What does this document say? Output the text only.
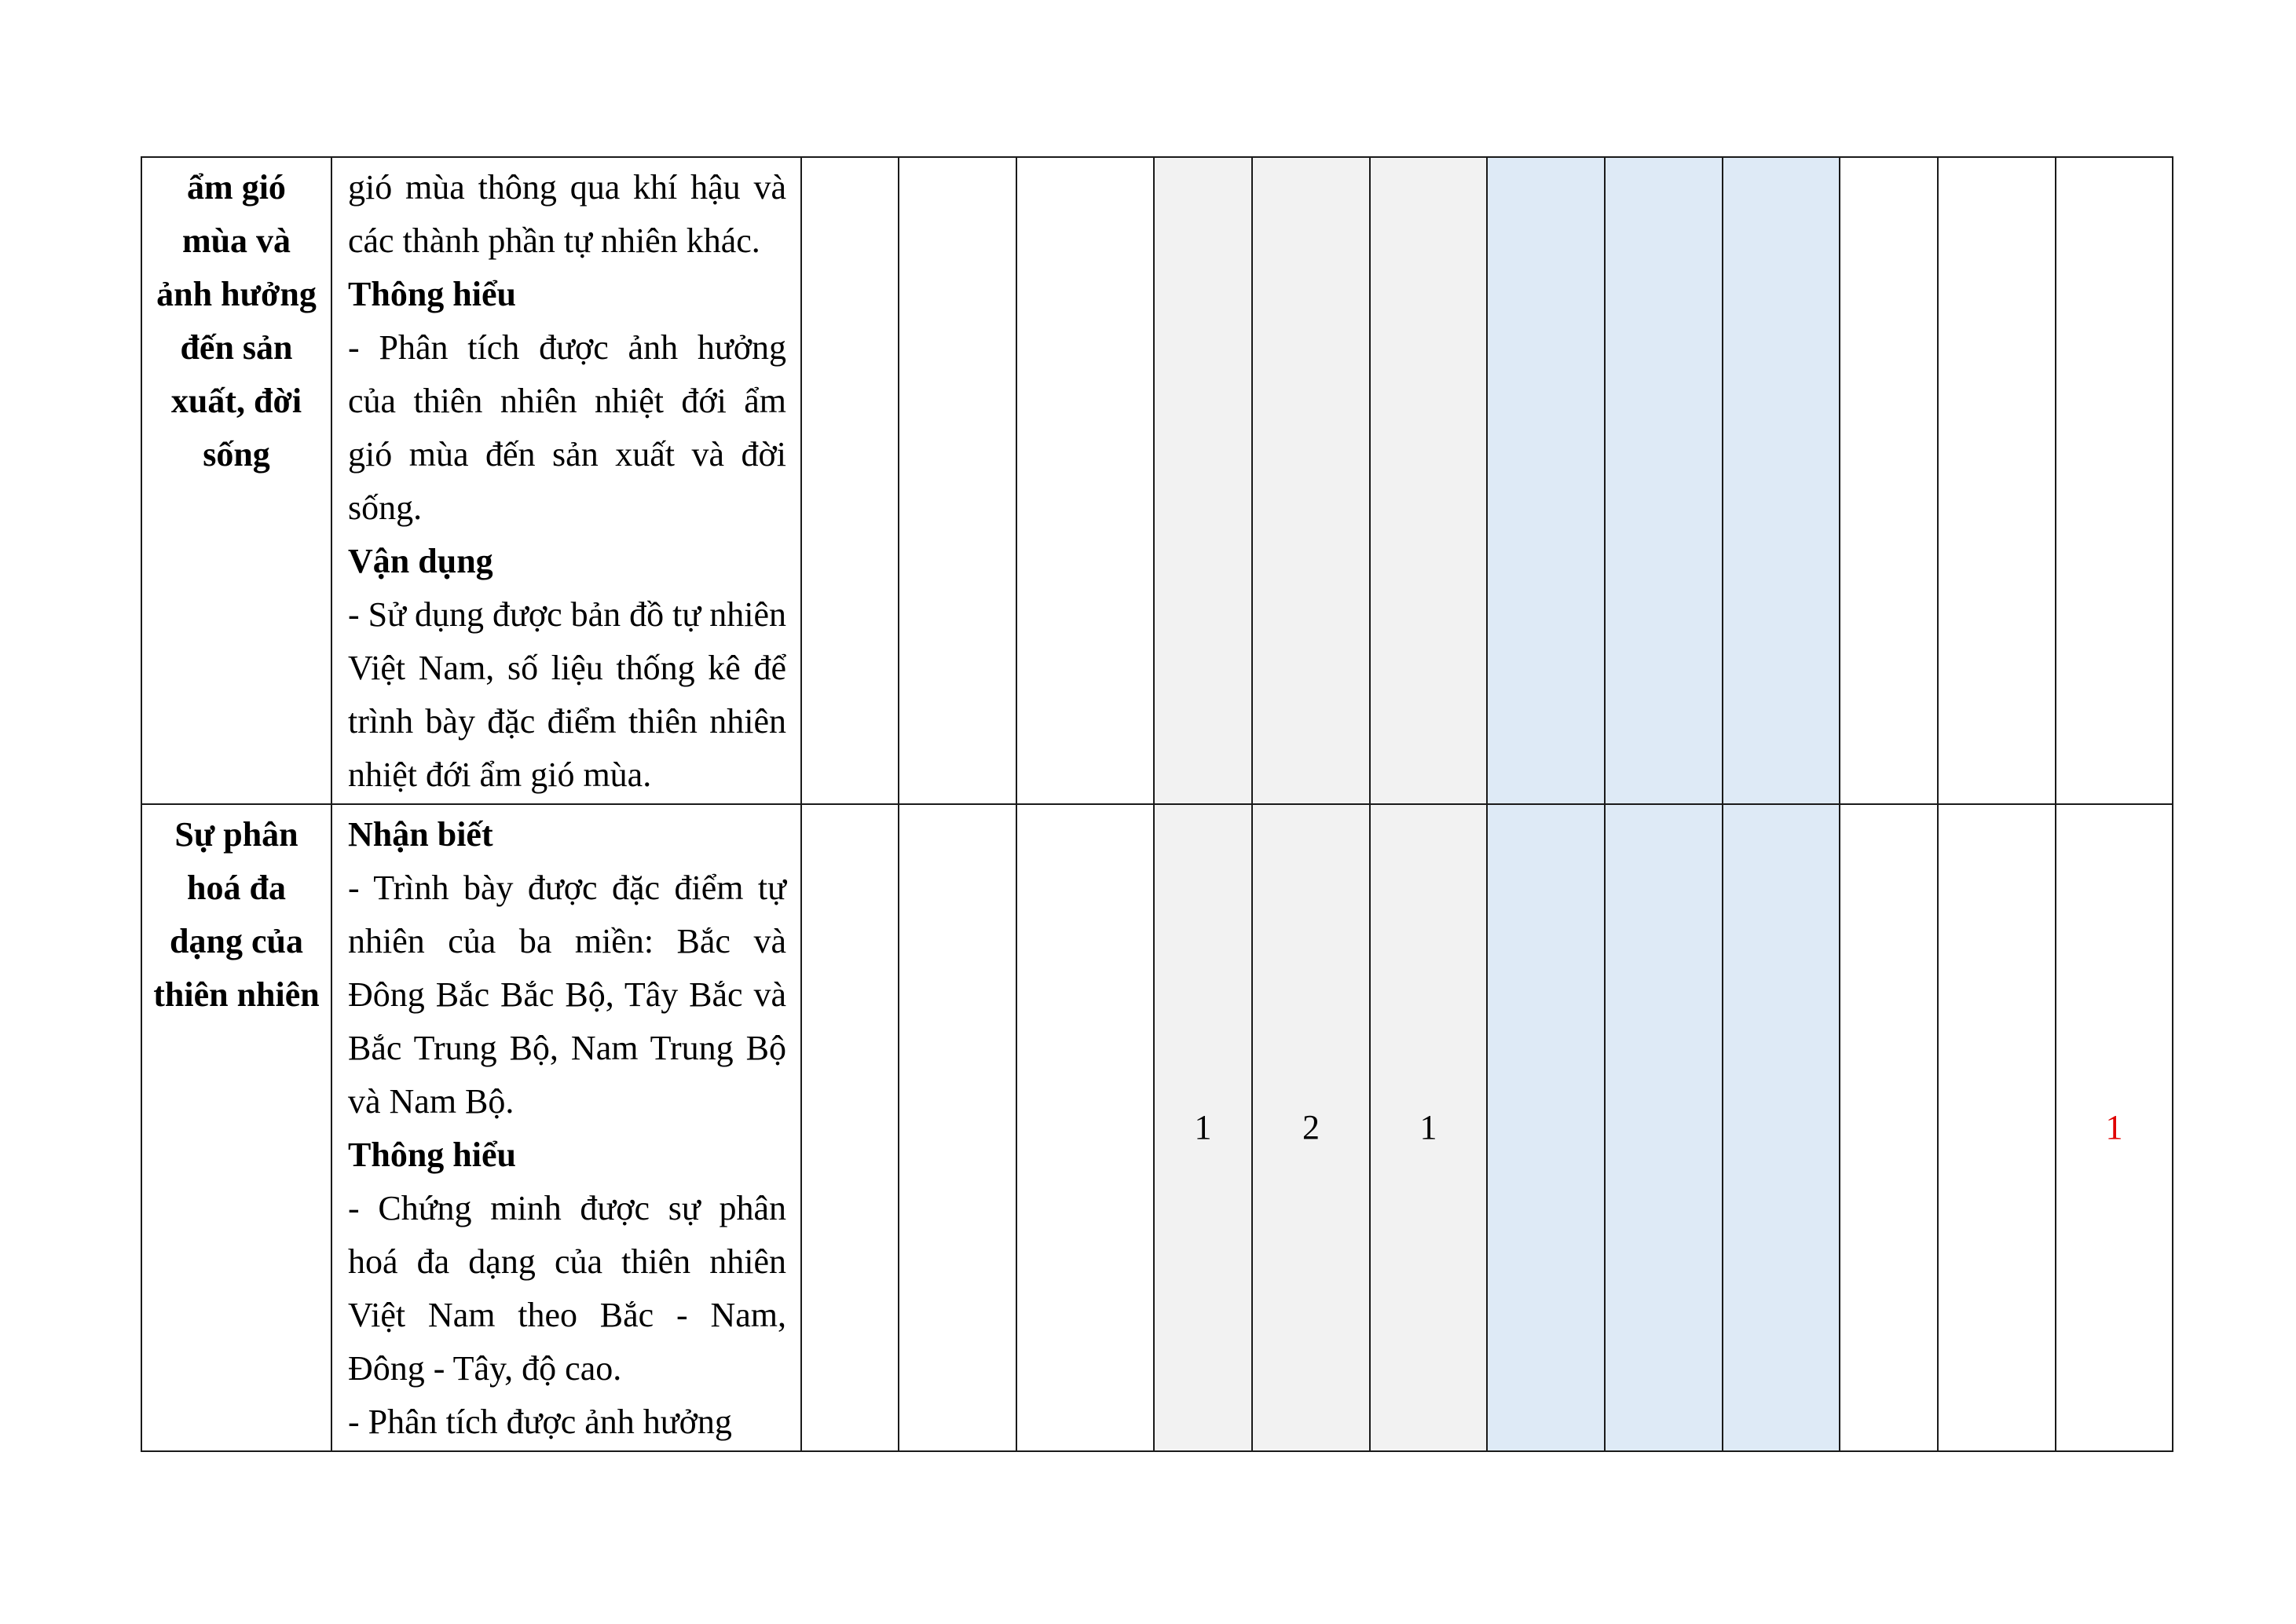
ẩm gió mùa và ảnh hưởng đến sản xuất, đời sống	gió mùa thông qua khí hậu và các thành phần tự nhiên khác.
Thông hiểu
- Phân tích được ảnh hưởng của thiên nhiên nhiệt đới ẩm gió mùa đến sản xuất và đời sống.
Vận dụng
- Sử dụng được bản đồ tự nhiên Việt Nam, số liệu thống kê để trình bày đặc điểm thiên nhiên nhiệt đới ẩm gió mùa.												

Sự phân hoá đa dạng của thiên nhiên	Nhận biết
- Trình bày được đặc điểm tự nhiên của ba miền: Bắc và Đông Bắc Bắc Bộ, Tây Bắc và Bắc Trung Bộ, Nam Trung Bộ và Nam Bộ.
Thông hiểu
- Chứng minh được sự phân hoá đa dạng của thiên nhiên Việt Nam theo Bắc - Nam, Đông - Tây, độ cao.
- Phân tích được ảnh hưởng				1	2	1						1
